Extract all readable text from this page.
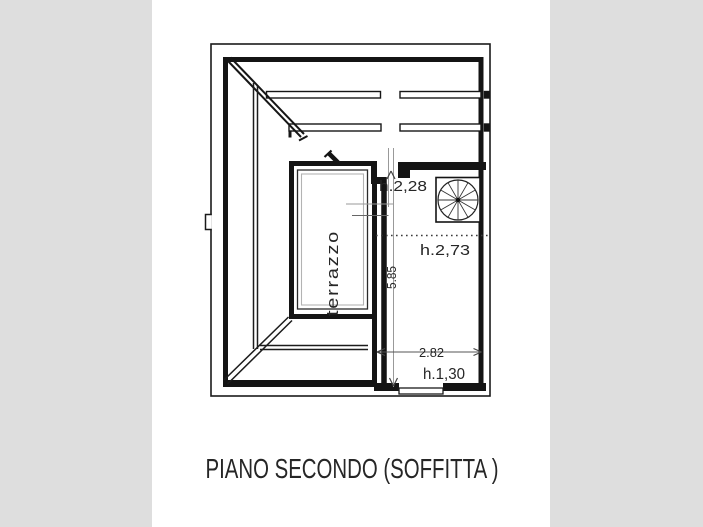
terrazzo
h.2,28
h.2,73
5.85
2.82
h.1,30
PIANO SECONDO (SOFFITTA )
